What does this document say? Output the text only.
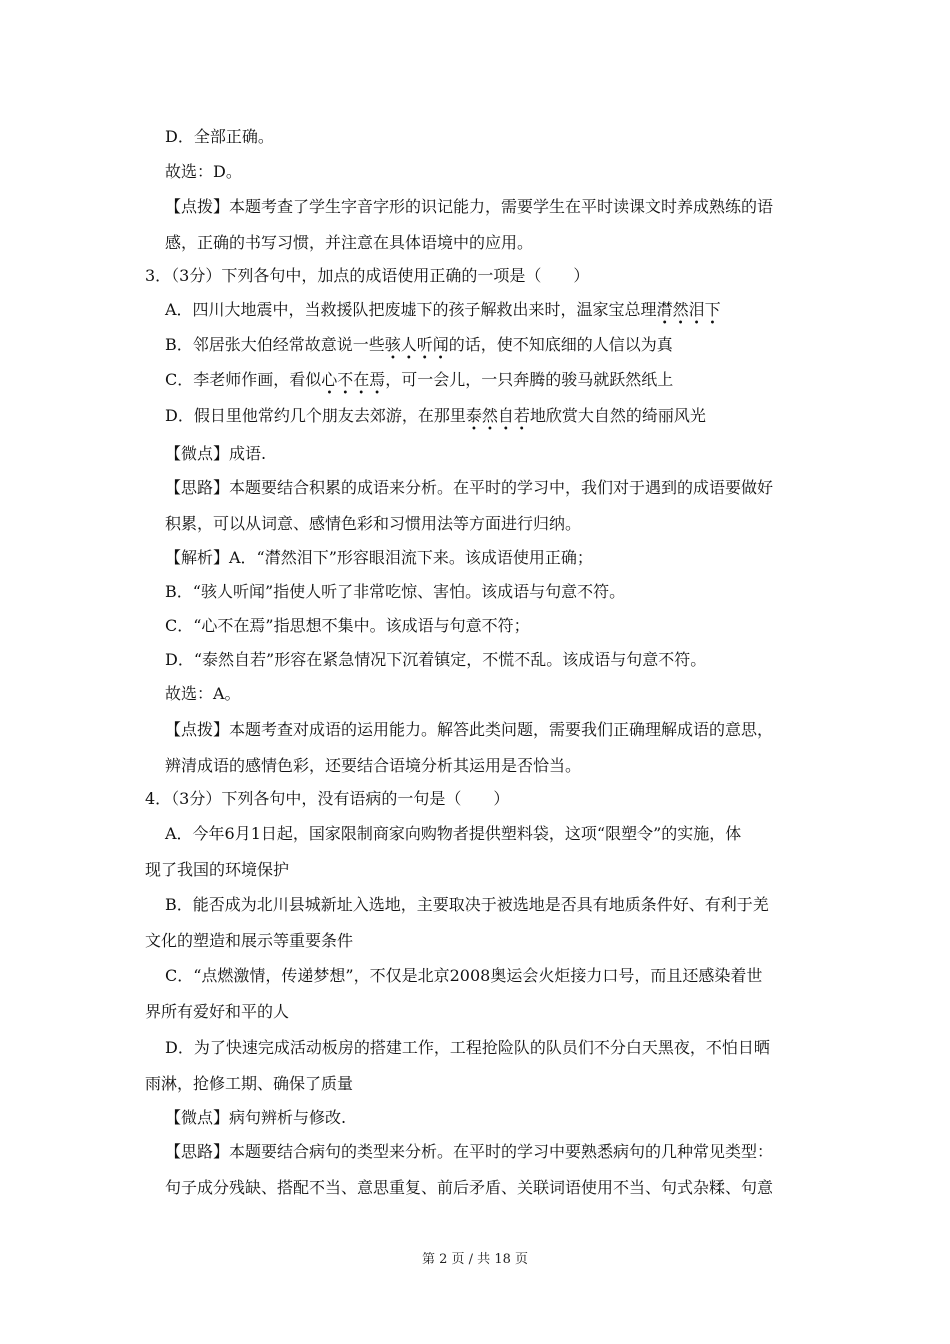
D．全部正确。
故选：D。
【点拨】本题考查了学生字音字形的识记能力，需要学生在平时读课文时养成熟练的语
感，正确的书写习惯，并注意在具体语境中的应用。
3．（3分）下列各句中，加点的成语使用正确的一项是（　　）
A．四川大地震中，当救援队把废墟下的孩子解救出来时，温家宝总理潸然泪下
• • • •
B．邻居张大伯经常故意说一些骇人听闻
• • • •
的话，使不知底细的人信以为真
C．李老师作画，看似心不在焉
• • • •
，可一会儿，一只奔腾的骏马就跃然纸上
D．假日里他常约几个朋友去郊游，在那里泰然自若
• • • •
地欣赏大自然的绮丽风光
【微点】成语.
【思路】本题要结合积累的成语来分析。在平时的学习中，我们对于遇到的成语要做好
积累，可以从词意、感情色彩和习惯用法等方面进行归纳。
【解析】A．“潸然泪下”形容眼泪流下来。该成语使用正确；
B．“骇人听闻”指使人听了非常吃惊、害怕。该成语与句意不符。
C．“心不在焉”指思想不集中。该成语与句意不符；
D．“泰然自若”形容在紧急情况下沉着镇定，不慌不乱。该成语与句意不符。
故选：A。
【点拨】本题考查对成语的运用能力。解答此类问题，需要我们正确理解成语的意思，
辨清成语的感情色彩，还要结合语境分析其运用是否恰当。
4．（3分）下列各句中，没有语病的一句是（　　）
A．今年6月1日起，国家限制商家向购物者提供塑料袋，这项“限塑令”的实施，体
现了我国的环境保护
B．能否成为北川县城新址入选地，主要取决于被选地是否具有地质条件好、有利于羌
文化的塑造和展示等重要条件
C．“点燃激情，传递梦想”，不仅是北京2008奥运会火炬接力口号，而且还感染着世
界所有爱好和平的人
D．为了快速完成活动板房的搭建工作，工程抢险队的队员们不分白天黑夜，不怕日晒
雨淋，抢修工期、确保了质量
【微点】病句辨析与修改.
【思路】本题要结合病句的类型来分析。在平时的学习中要熟悉病句的几种常见类型：
句子成分残缺、搭配不当、意思重复、前后矛盾、关联词语使用不当、句式杂糅、句意
第 2 页 / 共 18 页
